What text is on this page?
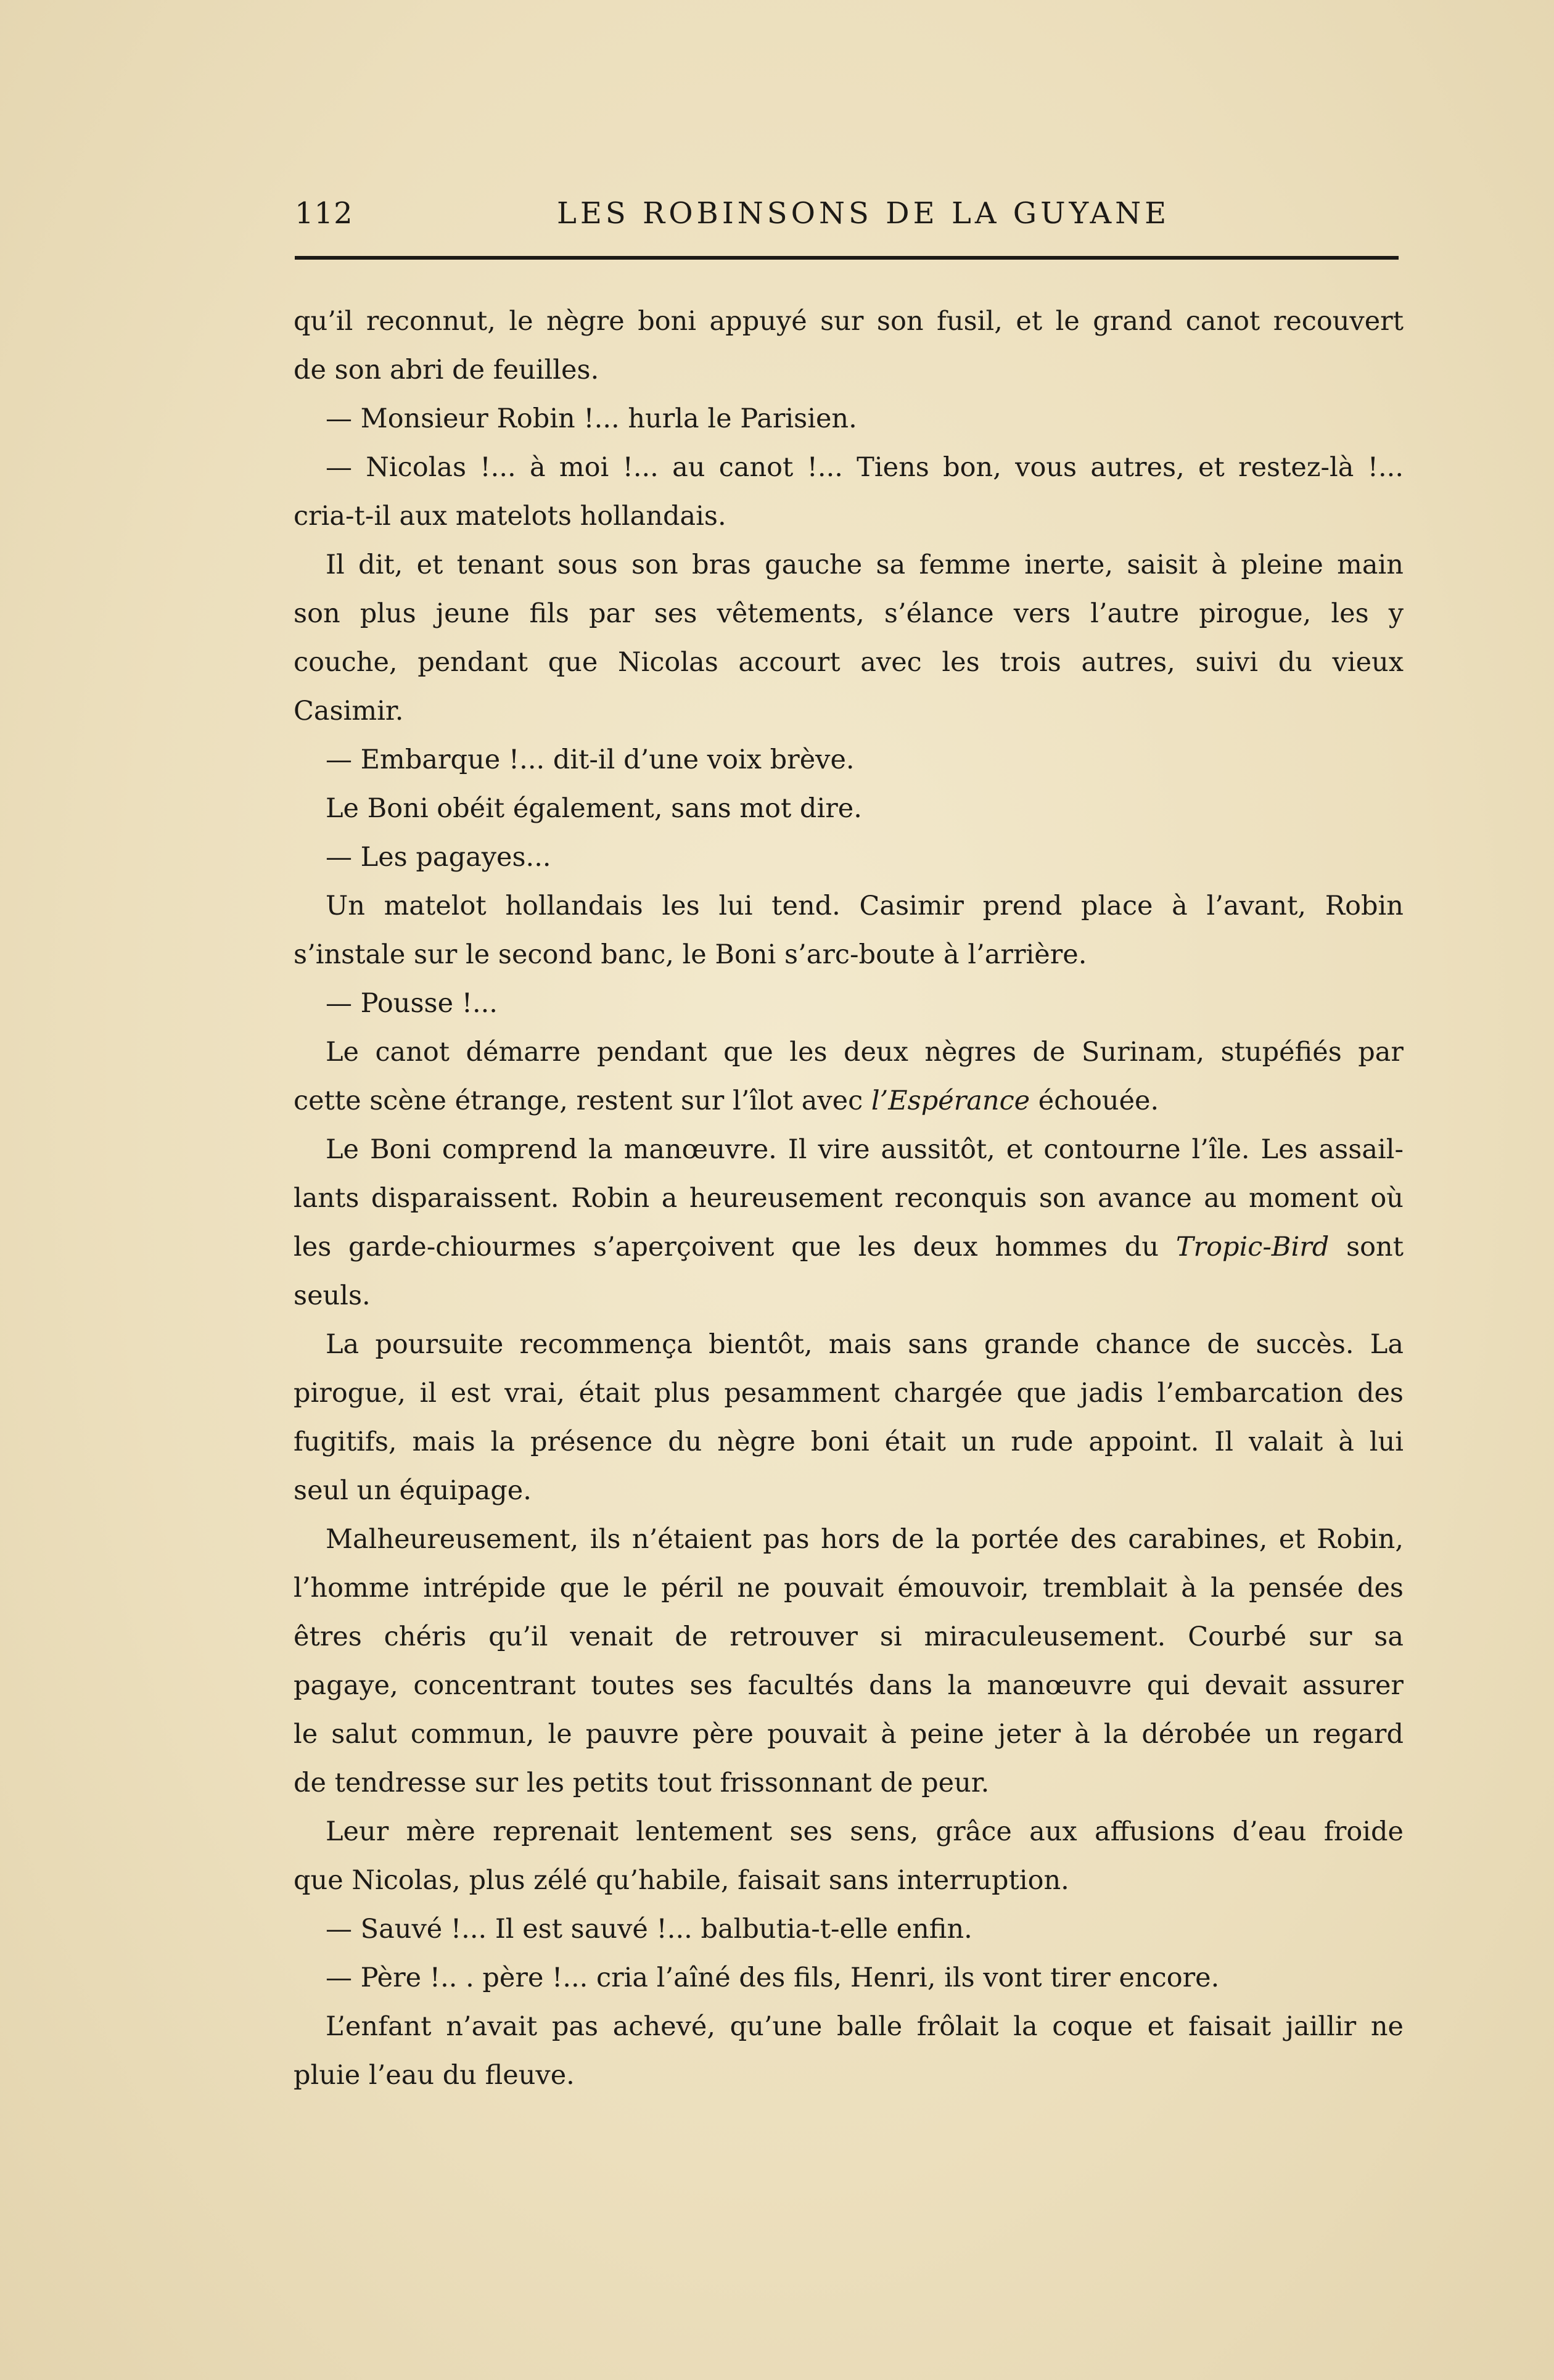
112	LES ROBINSONS DE LA GUYANE
qu’il reconnut, le nègre boni appuyé sur son fusil, et le grand canot recouvert
de son abri de feuilles.
— Monsieur Robin !... hurla le Parisien.
— Nicolas !... à moi !... au canot !... Tiens bon, vous autres, et restez-là !...
cria-t-il aux matelots hollandais.
Il dit, et tenant sous son bras gauche sa femme inerte, saisit à pleine main
son plus jeune fils par ses vêtements, s’élance vers l’autre pirogue, les y
couche, pendant que Nicolas accourt avec les trois autres, suivi du vieux
Casimir.
— Embarque !... dit-il d’une voix brève.
Le Boni obéit également, sans mot dire.
— Les pagayes...
Un matelot hollandais les lui tend. Casimir prend place à l’avant, Robin
s’instale sur le second banc, le Boni s’arc-boute à l’arrière.
— Pousse !...
Le canot démarre pendant que les deux nègres de Surinam, stupéfiés par
cette scène étrange, restent sur l’îlot avec l’Espérance échouée.
Le Boni comprend la manœuvre. Il vire aussitôt, et contourne l’île. Les assail-
lants disparaissent. Robin a heureusement reconquis son avance au moment où
les garde-chiourmes s’aperçoivent que les deux hommes du Tropic-Bird sont
seuls.
La poursuite recommença bientôt, mais sans grande chance de succès. La
pirogue, il est vrai, était plus pesamment chargée que jadis l’embarcation des
fugitifs, mais la présence du nègre boni était un rude appoint. Il valait à lui
seul un équipage.
Malheureusement, ils n’étaient pas hors de la portée des carabines, et Robin,
l’homme intrépide que le péril ne pouvait émouvoir, tremblait à la pensée des
êtres chéris qu’il venait de retrouver si miraculeusement. Courbé sur sa
pagaye, concentrant toutes ses facultés dans la manœuvre qui devait assurer
le salut commun, le pauvre père pouvait à peine jeter à la dérobée un regard
de tendresse sur les petits tout frissonnant de peur.
Leur mère reprenait lentement ses sens, grâce aux affusions d’eau froide
que Nicolas, plus zélé qu’habile, faisait sans interruption.
— Sauvé !... Il est sauvé !... balbutia-t-elle enfin.
— Père !.. . père !... cria l’aîné des fils, Henri, ils vont tirer encore.
L’enfant n’avait pas achevé, qu’une balle frôlait la coque et faisait jaillir ne
pluie l’eau du fleuve.
